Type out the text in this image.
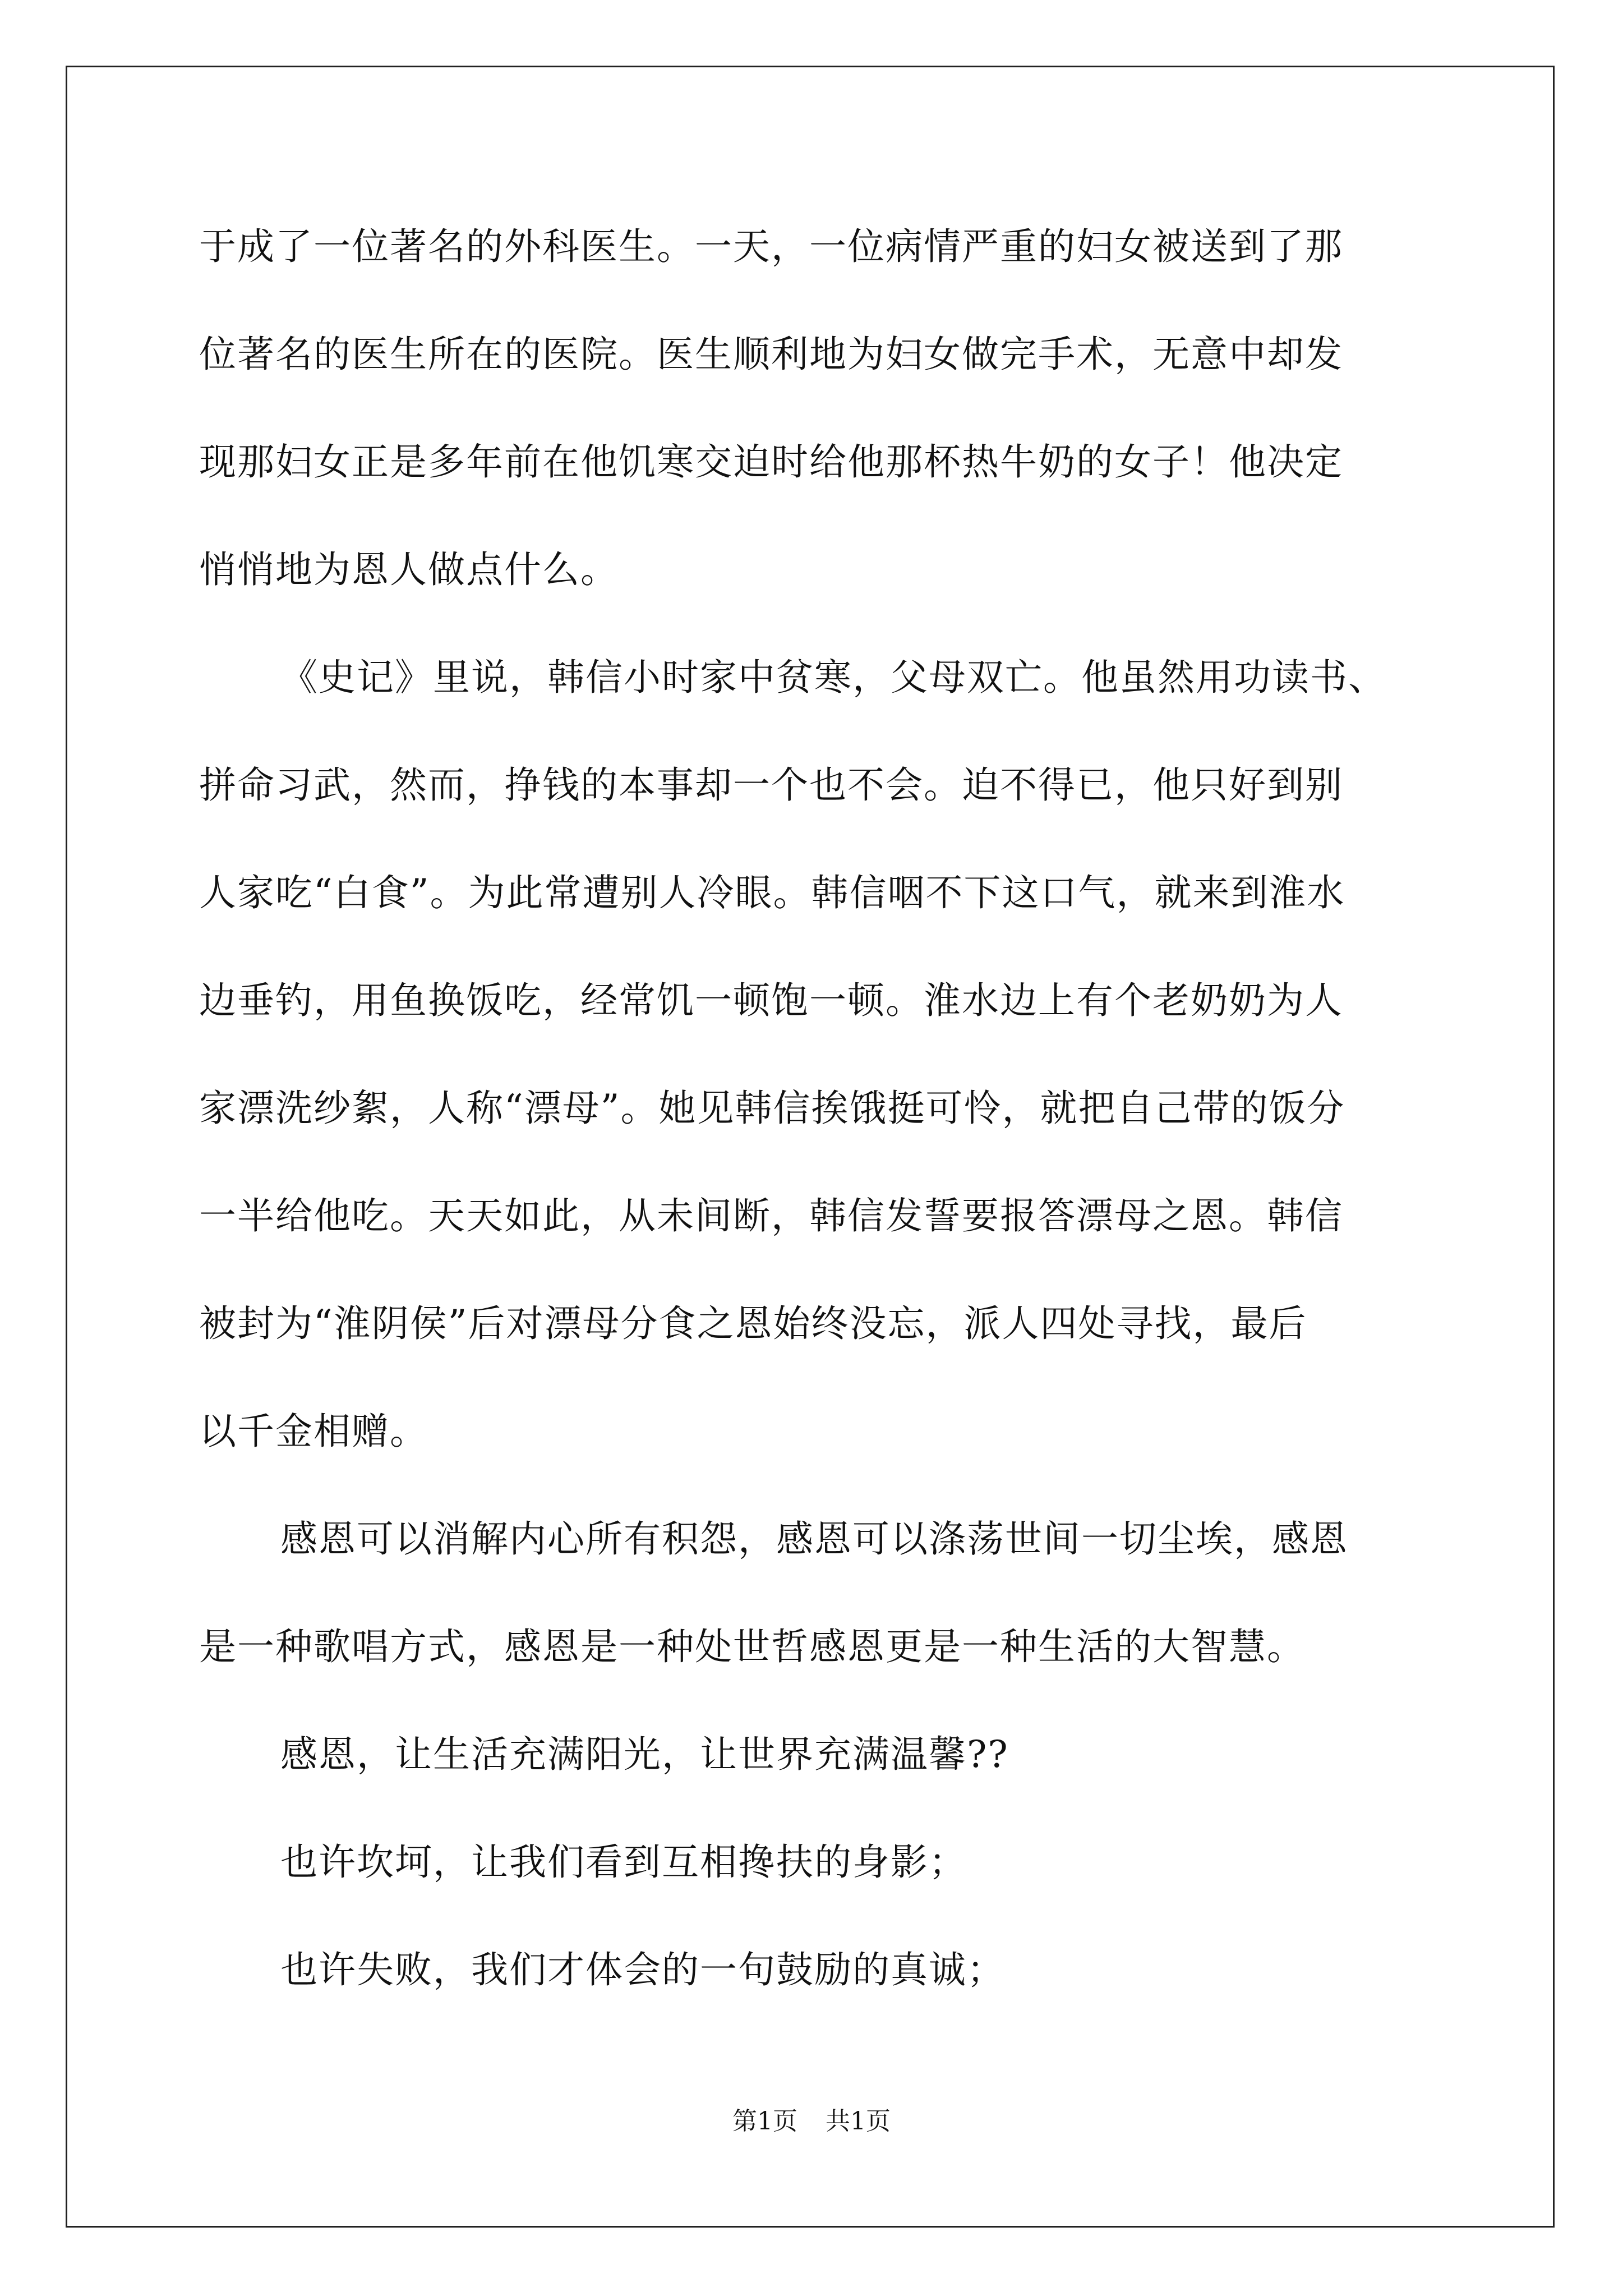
于成了一位著名的外科医生。一天，一位病情严重的妇女被送到了那
位著名的医生所在的医院。医生顺利地为妇女做完手术，无意中却发
现那妇女正是多年前在他饥寒交迫时给他那杯热牛奶的女子！他决定
悄悄地为恩人做点什么。
《史记》里说，韩信小时家中贫寒，父母双亡。他虽然用功读书、
拼命习武，然而，挣钱的本事却一个也不会。迫不得已，他只好到别
人家吃“白食”。为此常遭别人冷眼。韩信咽不下这口气，就来到淮水
边垂钓，用鱼换饭吃，经常饥一顿饱一顿。淮水边上有个老奶奶为人
家漂洗纱絮，人称“漂母”。她见韩信挨饿挺可怜，就把自己带的饭分
一半给他吃。天天如此，从未间断，韩信发誓要报答漂母之恩。韩信
被封为“淮阴侯”后对漂母分食之恩始终没忘，派人四处寻找，最后
以千金相赠。
感恩可以消解内心所有积怨，感恩可以涤荡世间一切尘埃，感恩
是一种歌唱方式，感恩是一种处世哲感恩更是一种生活的大智慧。
感恩，让生活充满阳光，让世界充满温馨??
也许坎坷，让我们看到互相搀扶的身影；
也许失败，我们才体会的一句鼓励的真诚；
第1页 共1页
